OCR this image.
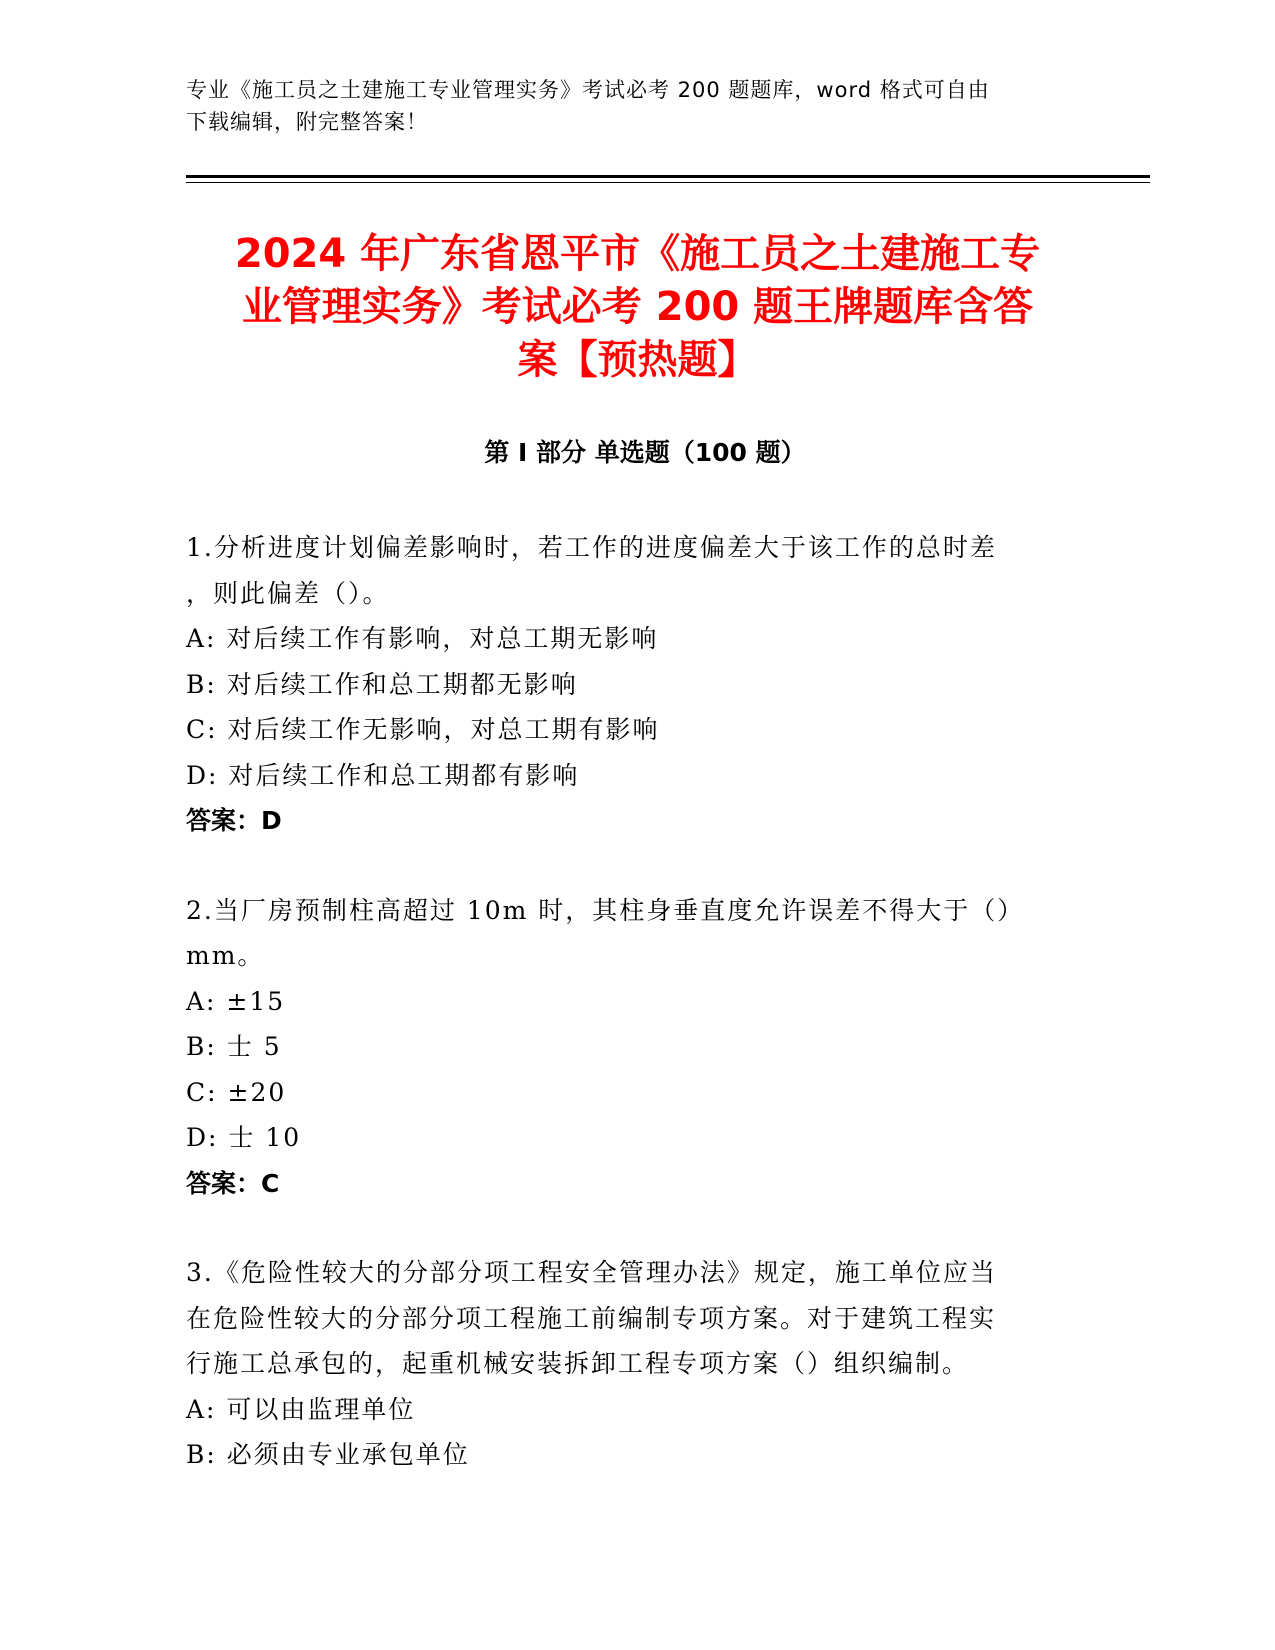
专业《施工员之土建施工专业管理实务》考试必考 200 题题库，word 格式可自由
下载编辑，附完整答案！
2024 年广东省恩平市《施工员之土建施工专
业管理实务》考试必考 200 题王牌题库含答
案【预热题】
第 I 部分 单选题（100 题）
1.分析进度计划偏差影响时，若工作的进度偏差大于该工作的总时差
，则此偏差（）。
A: 对后续工作有影响，对总工期无影响
B: 对后续工作和总工期都无影响
C: 对后续工作无影响，对总工期有影响
D: 对后续工作和总工期都有影响
答案：D
2.当厂房预制柱高超过 10m 时，其柱身垂直度允许误差不得大于（）
mm。
A: ±15
B: 士 5
C: ±20
D: 士 10
答案：C
3.《危险性较大的分部分项工程安全管理办法》规定，施工单位应当
在危险性较大的分部分项工程施工前编制专项方案。对于建筑工程实
行施工总承包的，起重机械安装拆卸工程专项方案（）组织编制。
A: 可以由监理单位
B: 必须由专业承包单位
